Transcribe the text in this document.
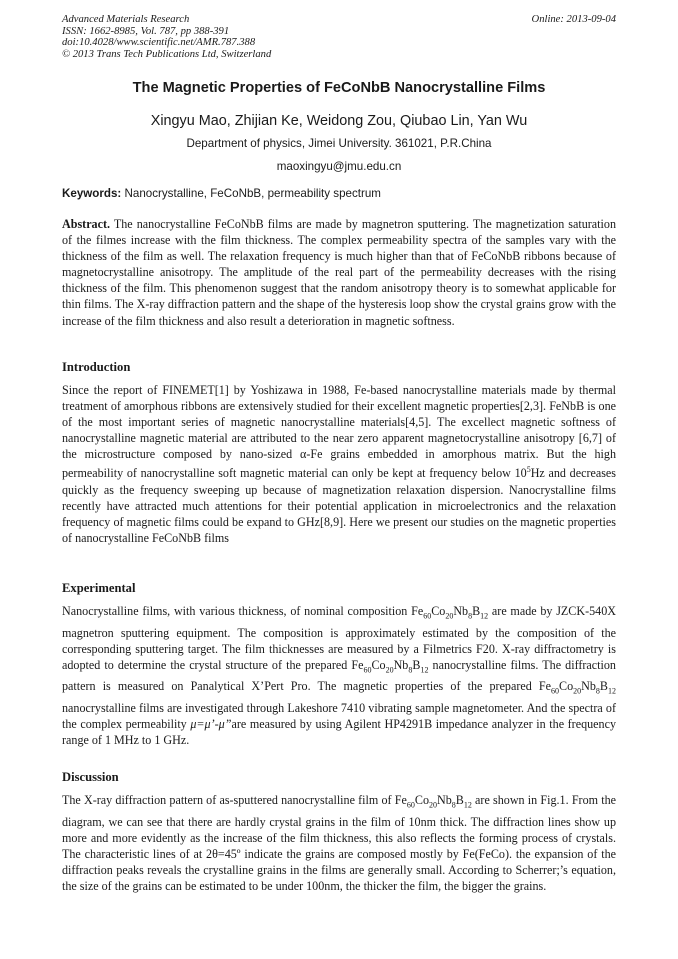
Advanced Materials Research
ISSN: 1662-8985, Vol. 787, pp 388-391
doi:10.4028/www.scientific.net/AMR.787.388
© 2013 Trans Tech Publications Ltd, Switzerland
Online: 2013-09-04
The Magnetic Properties of FeCoNbB Nanocrystalline Films
Xingyu Mao, Zhijian Ke, Weidong Zou, Qiubao Lin, Yan Wu
Department of physics, Jimei University. 361021, P.R.China
maoxingyu@jmu.edu.cn
Keywords: Nanocrystalline, FeCoNbB, permeability spectrum
Abstract. The nanocrystalline FeCoNbB films are made by magnetron sputtering. The magnetization saturation of the filmes increase with the film thickness. The complex permeability spectra of the samples vary with the thickness of the film as well. The relaxation frequency is much higher than that of FeCoNbB ribbons because of magnetocrystalline anisotropy. The amplitude of the real part of the permeability decreases with the rising thickness of the film. This phenomenon suggest that the random anisotropy theory is to somewhat applicable for thin films. The X-ray diffraction pattern and the shape of the hysteresis loop show the crystal grains grow with the increase of the film thickness and also result a deterioration in magnetic softness.
Introduction
Since the report of FINEMET[1] by Yoshizawa in 1988, Fe-based nanocrystalline materials made by thermal treatment of amorphous ribbons are extensively studied for their excellent magnetic properties[2,3]. FeNbB is one of the most important series of magnetic nanocrystalline materials[4,5]. The excellect magnetic softness of nanocrystalline magnetic material are attributed to the near zero apparent magnetocrystalline anisotropy [6,7] of the microstructure composed by nano-sized α-Fe grains embedded in amorphous matrix. But the high permeability of nanocrystalline soft magnetic material can only be kept at frequency below $10^5Hz$ and decreases quickly as the frequency sweeping up because of magnetization relaxation dispersion. Nanocrystalline films recently have attracted much attentions for their potential application in microelectronics and the relaxation frequency of magnetic films could be expand to GHz[8,9]. Here we present our studies on the magnetic properties of nanocrystalline FeCoNbB films
Experimental
Nanocrystalline films, with various thickness, of nominal composition $Fe_{60}Co_{20}Nb_8B_{12}$ are made by JZCK-540X magnetron sputtering equipment. The composition is approximately estimated by the composition of the corresponding sputtering target. The film thicknesses are measured by a Filmetrics F20. X-ray diffractometry is adopted to determine the crystal structure of the prepared $Fe_{60}Co_{20}Nb_8B_{12}$ nanocrystalline films. The diffraction pattern is measured on Panalytical X’Pert Pro. The magnetic properties of the prepared $Fe_{60}Co_{20}Nb_8B_{12}$ nanocrystalline films are investigated through Lakeshore 7410 vibrating sample magnetometer. And the spectra of the complex permeability μ=μ’-μ”are measured by using Agilent HP4291B impedance analyzer in the frequency range of 1 MHz to 1 GHz.
Discussion
The X-ray diffraction pattern of as-sputtered nanocrystalline film of $Fe_{60}Co_{20}Nb_8B_{12}$ are shown in Fig.1. From the diagram, we can see that there are hardly crystal grains in the film of 10nm thick. The diffraction lines show up more and more evidently as the increase of the film thickness, this also reflects the forming process of crystals. The characteristic lines of at 2θ=45º indicate the grains are composed mostly by Fe(FeCo). the expansion of the diffraction peaks reveals the crystalline grains in the films are generally small. According to Scherrer;’s equation, the size of the grains can be estimated to be under 100nm, the thicker the film, the bigger the grains.
